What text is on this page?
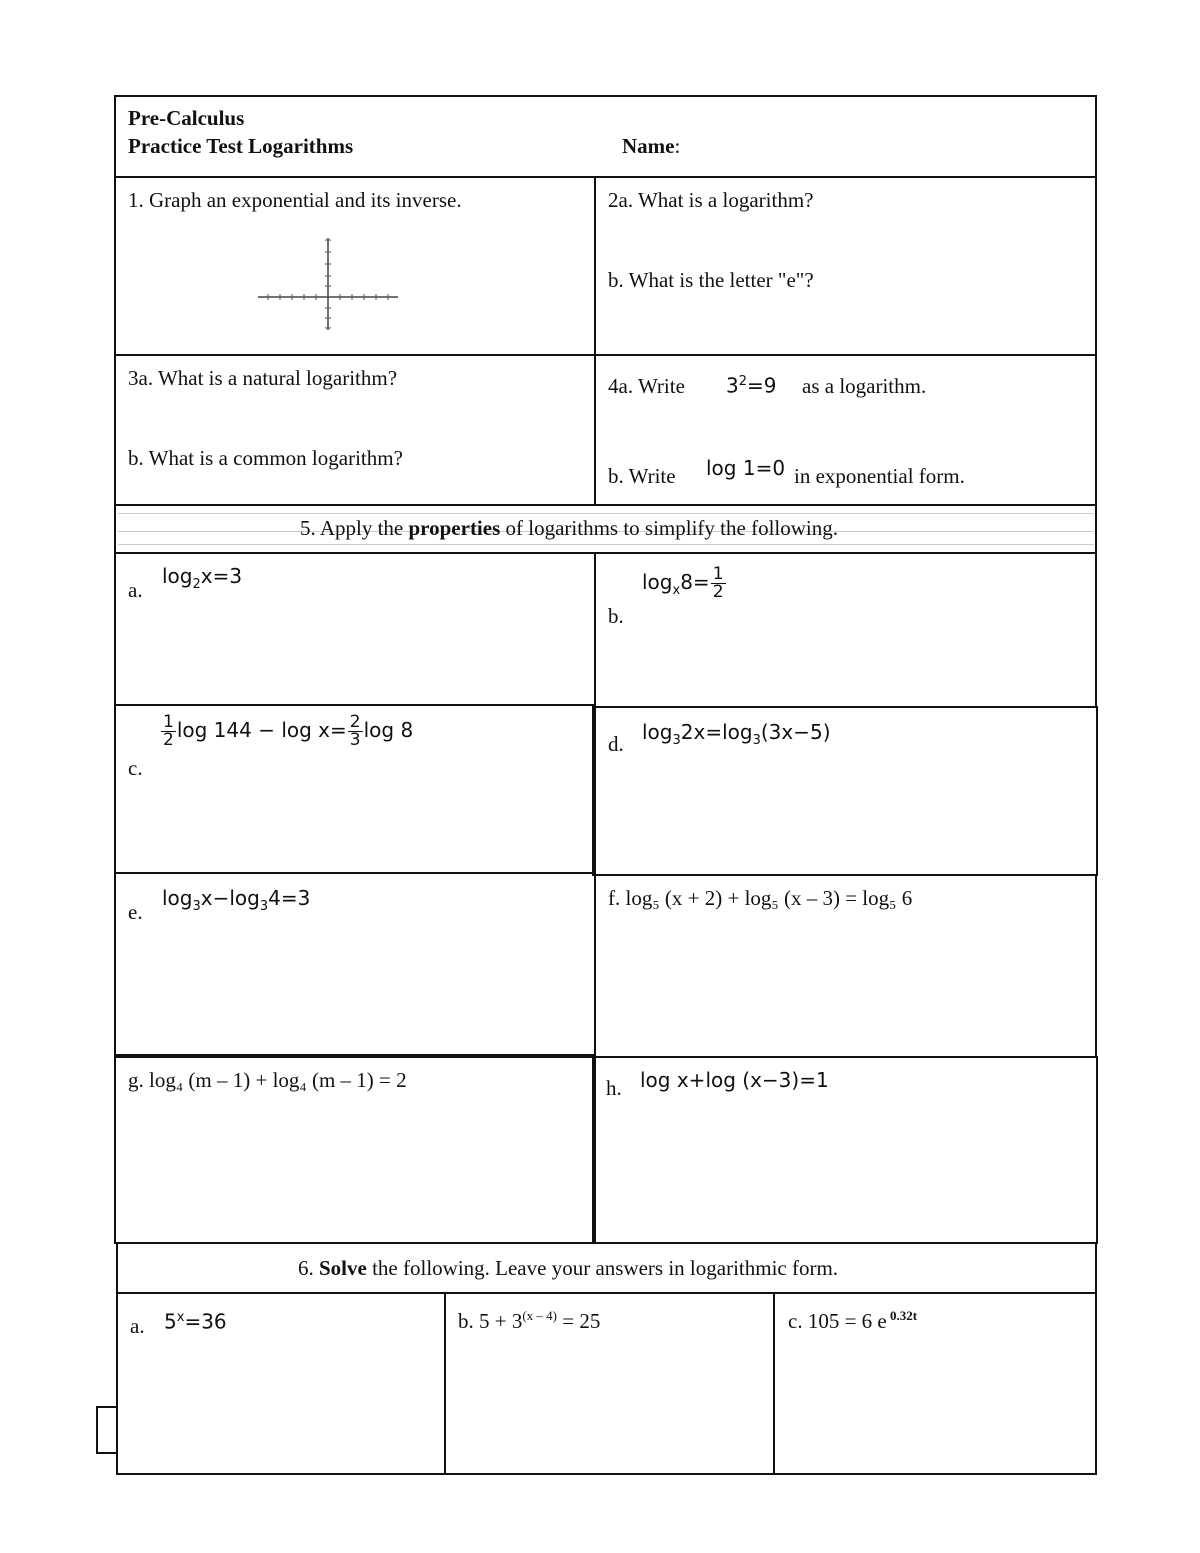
Pre-Calculus
Practice Test Logarithms	Name:
1. Graph an exponential and its inverse.	2a. What is a logarithm?
b. What is the letter "e"?
3a. What is a natural logarithm?
b. What is a common logarithm?
4a. Write $3^2=9$ as a logarithm.
b. Write log 1=0 in exponential form.
5. Apply the properties of logarithms to simplify the following.
a.
$\log_2x=3$
b.
$\log_x8= \frac{1}{2}$
c.
$\frac{1}{2}$ $\log 144 - \log x= \frac{2}{3}$ log 8
d. $\log_32x=\log_3(3x-5)$
e.
$\log_3x-\log_34=3$	f. log₅ (x + 2) + log₅ (x – 3) = log₅ 6
g. log₄ (m – 1) + log₄ (m – 1) = 2	h. log x+log (x−3)=1
6. Solve the following. Leave your answers in logarithmic form.
a. $5^x=36$	b. $5 + 3^{(x - 4)} = 25$	c. 105 = 6 e $^{0.32t}$
